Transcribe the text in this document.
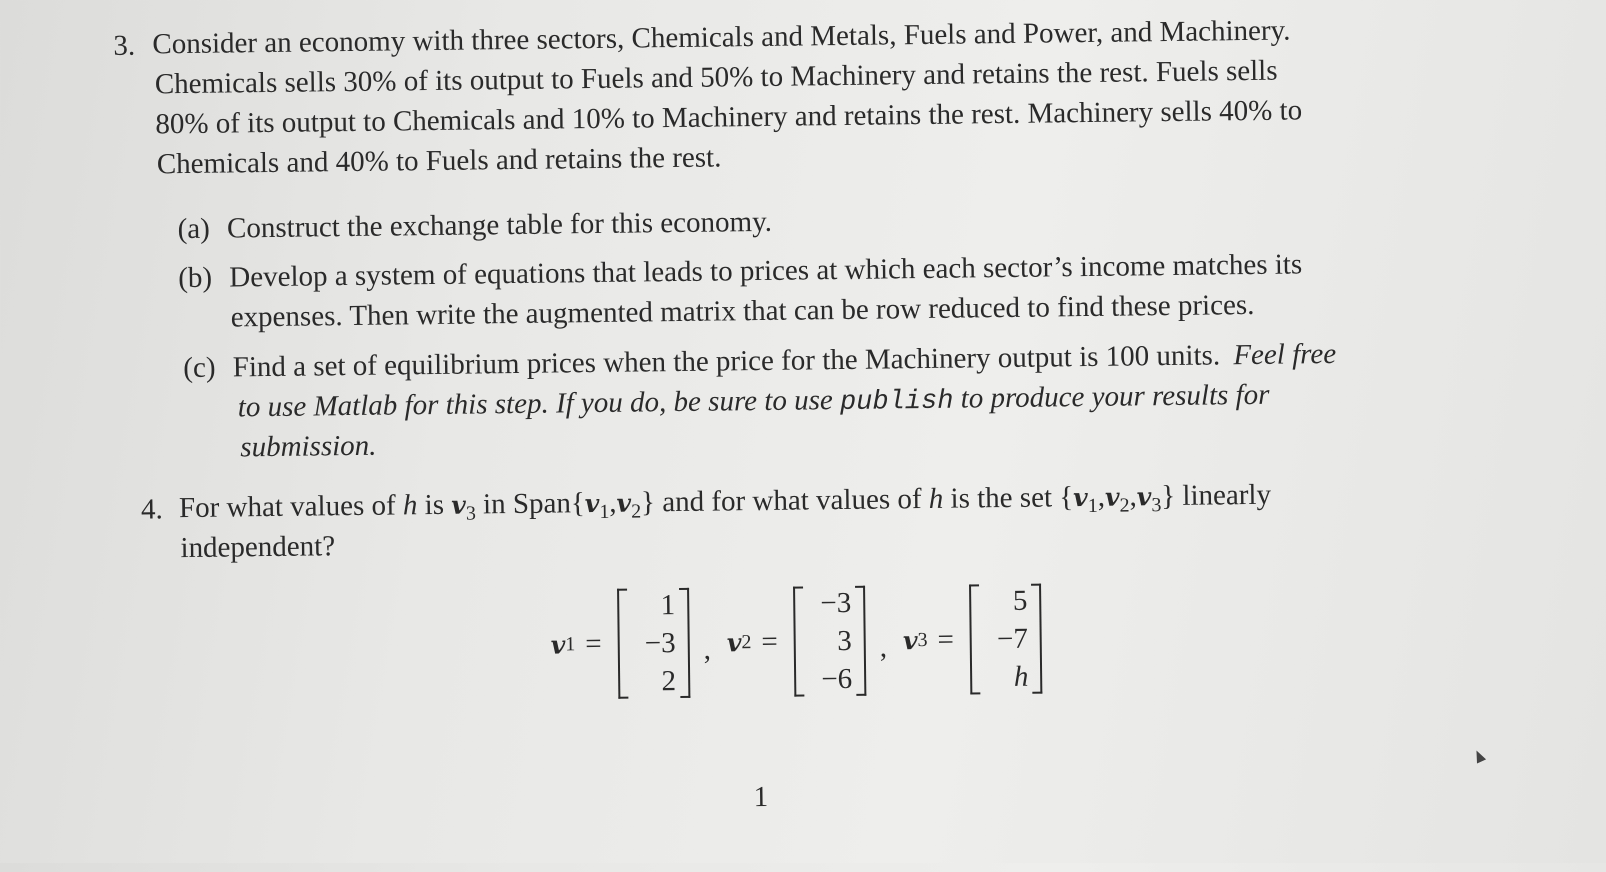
3. Consider an economy with three sectors, Chemicals and Metals, Fuels and Power, and Machinery.
Chemicals sells 30% of its output to Fuels and 50% to Machinery and retains the rest. Fuels sells
80% of its output to Chemicals and 10% to Machinery and retains the rest. Machinery sells 40% to
Chemicals and 40% to Fuels and retains the rest.
(a) Construct the exchange table for this economy.
(b) Develop a system of equations that leads to prices at which each sector’s income matches its
expenses. Then write the augmented matrix that can be row reduced to find these prices.
(c) Find a set of equilibrium prices when the price for the Machinery output is 100 units. Feel free
to use Matlab for this step. If you do, be sure to use publish to produce your results for
submission.
4. For what values of h is $v_3$ in $Span\{v_1,v_2\}$ and for what values of h is the set $\{v_1,v_2,v_3\}$ linearly
independent?
v 1 =
1
−3
2
, v 2 =
−3
3
−6
, v 3 =
5
−7
h
1
